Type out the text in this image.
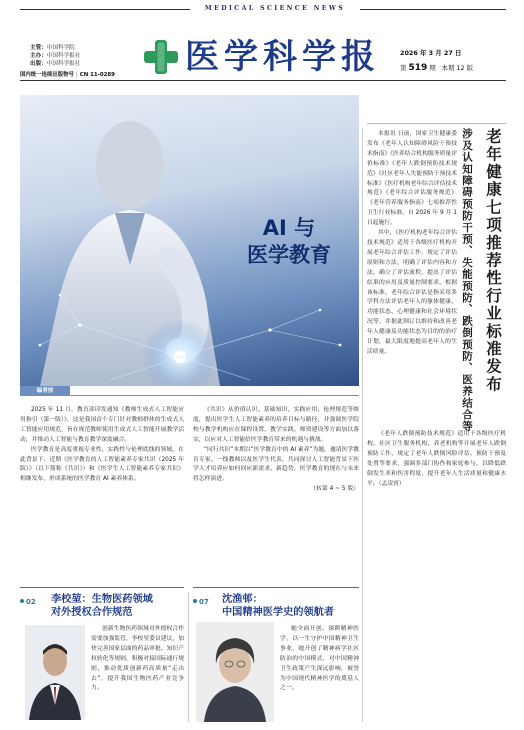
MEDICAL SCIENCE NEWS
主管：中国科学院
主办：中国科学报社
出版：中国科学报社
国内统一连续出版物号 | CN 11-0289 医学科学报	2026 年 3 月 27 日
第 519 期 本期 12 版
AI 与
医学教育
编者按

2025 年 11 月，教育部印发通知《教师生成式人工智能应用指引（第一版）》，这是我国首个专门针对教师群体的生成式人工智能应用规范，旨在规范教师使用生成式人工智能开展教学活动，并推动人工智能与教育教学深度融合。

医学教育是高度重视专业性、实践性与伦理底线的领域，在此背景下，近期《医学教育的人工智能素养专家共识（2025 年版）》（以下简称《共识》）和《医学生人工智能素养专家共识》相继发布，形成系统的医学教育 AI 素养体系。

《共识》从价值认识、基础知识、实践应用、伦理规范等维度，提出医学生人工智能素养的培养目标与路径，并强调医学院校与教学机构应在课程设置、教学实践、师资建设等方面加以落实，以应对人工智能给医学教育带来的机遇与挑战。

“同行共识”本期以“医学教育中的 AI 素养”为题，邀请医学教育专家、一线教师以及医学生代表，共同探讨人工智能背景下医学人才培养应如何回应新需求、新趋势，医学教育的现在与未来将怎样演进。

（转第 4 ~ 5 版）
老年健康七项推荐性行业标准发布
涉及认知障碍预防干预、失能预防、跌倒预防、医养结合等

本报讯 日前，国家卫生健康委发布《老年人认知障碍风险干预技术指南》《医养结合机构服务质量评价标准》《老年人跌倒预防技术规范》《社区老年人失能预防干预技术标准》《医疗机构老年综合评估技术规范》《老年综合评估服务规范》《老年营养服务指南》七项推荐性卫生行业标准，自 2026 年 9 月 1 日起施行。

其中，《医疗机构老年综合评估技术规范》适用于各级医疗机构开展老年综合评估工作，规定了评估原则和方法，明确了评估内容和方法，确立了评估流程，提出了评估结果的应用及质量控制要求。根据该标准，老年综合评估是指采用多学科方法评估老年人的躯体健康、功能状态、心理健康和社会环境状况等，并据此制订以维持和改善老年人健康及功能状态为目的的治疗计划，最大限度地提高老年人的生活质量。

《老年人跌倒预防技术规范》适用于各级医疗机构、社区卫生服务机构、养老机构等开展老年人跌倒预防工作，规定了老年人跌倒风险评估、预防干预及处置等要求，强调多部门协作和家庭参与，以降低跌倒发生率和伤害程度，提升老年人生活质量和健康水平。（孟凌霄）

02	李校堃：生物医药领域
对外授权合作规范
创新生物医药领域对外授权合作需要加强监管，李校堃委员建议，加快完善国家层面的药品审批、知识产权转化等规则，积极对接国际通行规则，推动优质创新药高质量“走出去”，提升我国生物医药产业竞争力。
07	沈渔邨：
中国精神医学史的领航者
她全面开创、深耕精神医学，以一生守护中国精神卫生事业，她开创了精神病学社区防治的中国模式，对中国精神卫生政策产生深远影响，被誉为中国现代精神医学的奠基人之一。
